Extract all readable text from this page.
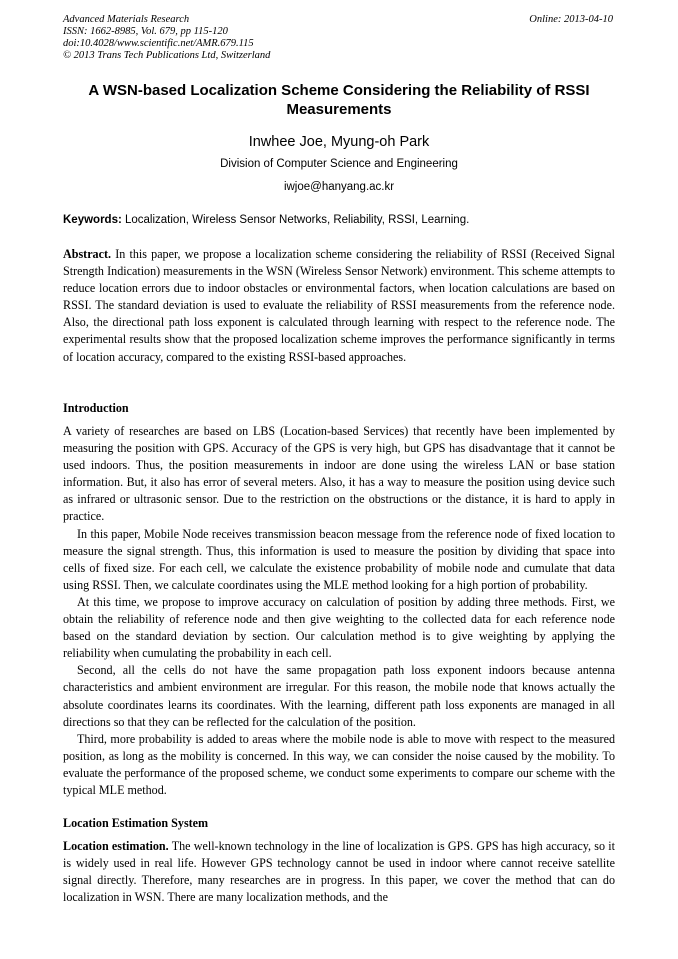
Advanced Materials Research
ISSN: 1662-8985, Vol. 679, pp 115-120
doi:10.4028/www.scientific.net/AMR.679.115
© 2013 Trans Tech Publications Ltd, Switzerland
Online: 2013-04-10
A WSN-based Localization Scheme Considering the Reliability of RSSI Measurements
Inwhee Joe, Myung-oh Park
Division of Computer Science and Engineering
iwjoe@hanyang.ac.kr
Keywords: Localization, Wireless Sensor Networks, Reliability, RSSI, Learning.

Abstract. In this paper, we propose a localization scheme considering the reliability of RSSI (Received Signal Strength Indication) measurements in the WSN (Wireless Sensor Network) environment. This scheme attempts to reduce location errors due to indoor obstacles or environmental factors, when location calculations are based on RSSI. The standard deviation is used to evaluate the reliability of RSSI measurements from the reference node. Also, the directional path loss exponent is calculated through learning with respect to the reference node. The experimental results show that the proposed localization scheme improves the performance significantly in terms of location accuracy, compared to the existing RSSI-based approaches.

Introduction

A variety of researches are based on LBS (Location-based Services) that recently have been implemented by measuring the position with GPS. Accuracy of the GPS is very high, but GPS has disadvantage that it cannot be used indoors. Thus, the position measurements in indoor are done using the wireless LAN or base station information. But, it also has error of several meters. Also, it has a way to measure the position using device such as infrared or ultrasonic sensor. Due to the restriction on the obstructions or the distance, it is hard to apply in practice.

In this paper, Mobile Node receives transmission beacon message from the reference node of fixed location to measure the signal strength. Thus, this information is used to measure the position by dividing that space into cells of fixed size. For each cell, we calculate the existence probability of mobile node and cumulate that data using RSSI. Then, we calculate coordinates using the MLE method looking for a high portion of probability.

At this time, we propose to improve accuracy on calculation of position by adding three methods. First, we obtain the reliability of reference node and then give weighting to the collected data for each reference node based on the standard deviation by section. Our calculation method is to give weighting by applying the reliability when cumulating the probability in each cell.

Second, all the cells do not have the same propagation path loss exponent indoors because antenna characteristics and ambient environment are irregular. For this reason, the mobile node that knows actually the absolute coordinates learns its coordinates. With the learning, different path loss exponents are managed in all directions so that they can be reflected for the calculation of the position.

Third, more probability is added to areas where the mobile node is able to move with respect to the measured position, as long as the mobility is concerned. In this way, we can consider the noise caused by the mobility. To evaluate the performance of the proposed scheme, we conduct some experiments to compare our scheme with the typical MLE method.

Location Estimation System

Location estimation. The well-known technology in the line of localization is GPS. GPS has high accuracy, so it is widely used in real life. However GPS technology cannot be used in indoor where cannot receive satellite signal directly. Therefore, many researches are in progress. In this paper, we cover the method that can do localization in WSN. There are many localization methods, and the
